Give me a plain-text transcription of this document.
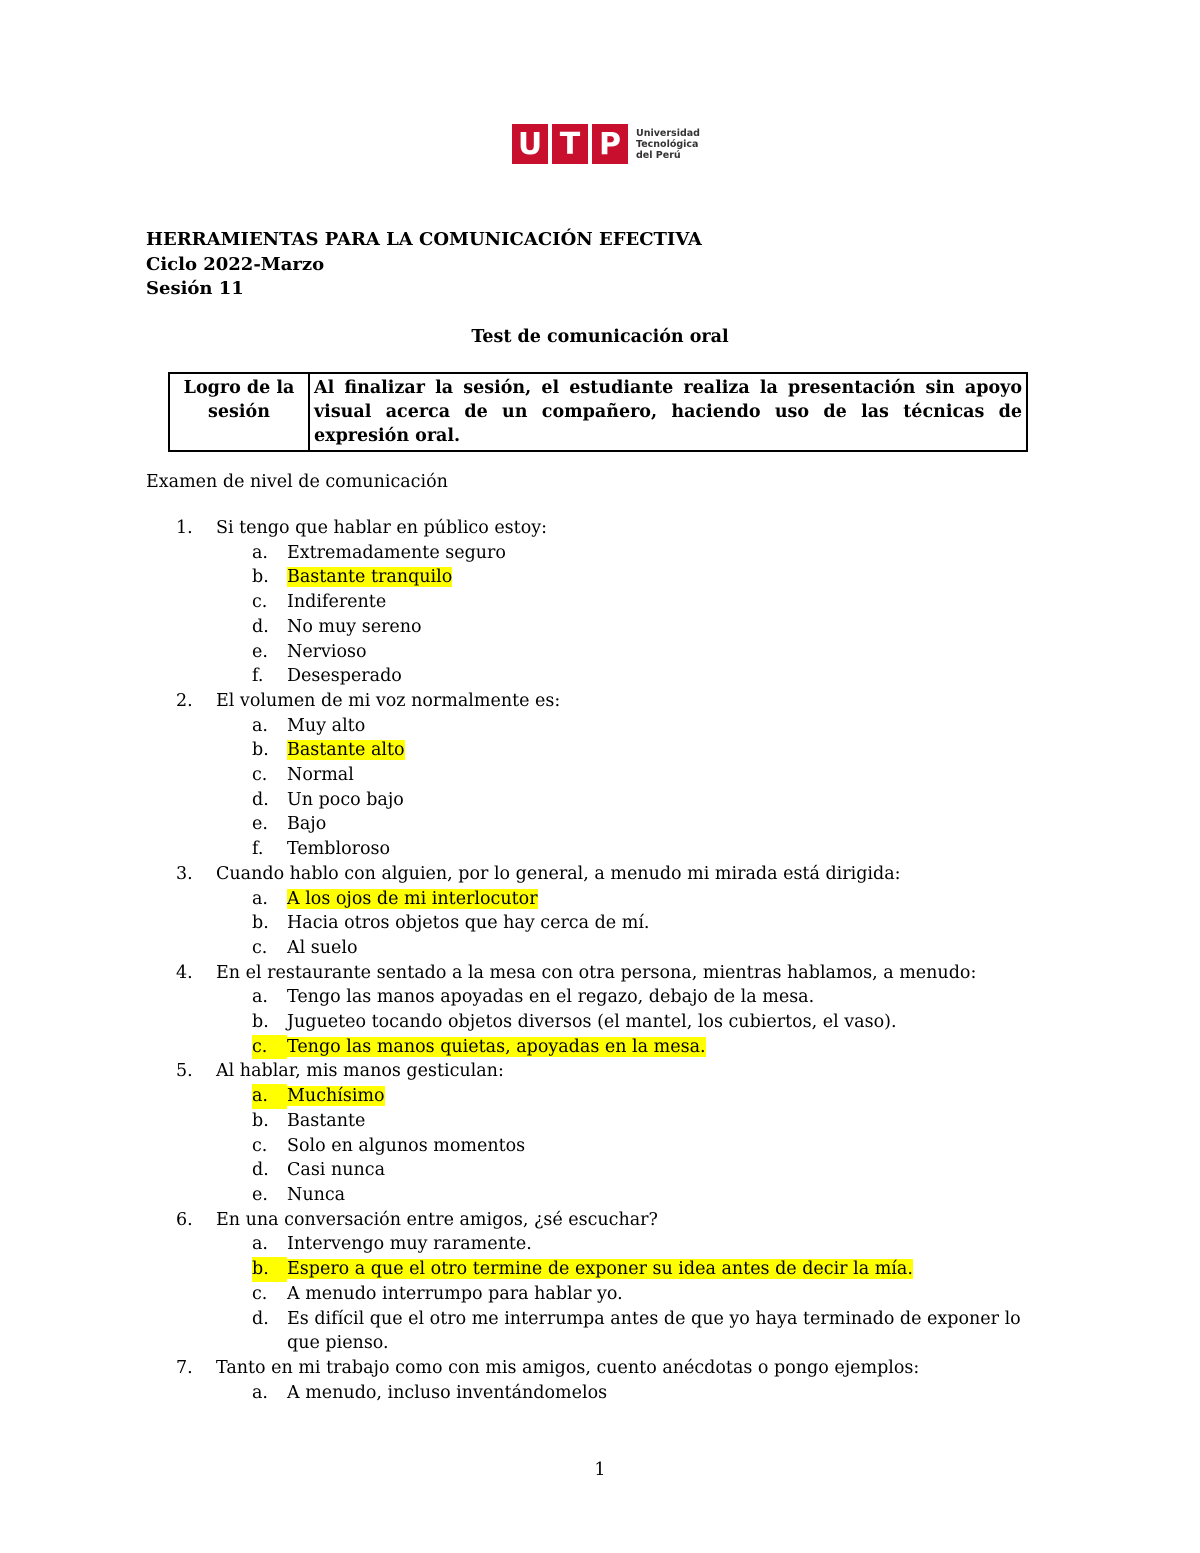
U T P	Universidad
Tecnológica
del Perú
HERRAMIENTAS PARA LA COMUNICACIÓN EFECTIVA
Ciclo 2022-Marzo
Sesión 11
Test de comunicación oral
Logro de la sesión	Al finalizar la sesión, el estudiante realiza la presentación sin apoyo visual acerca de un compañero, haciendo uso de las técnicas de expresión oral.
Examen de nivel de comunicación
1.	Si tengo que hablar en público estoy:
a.	Extremadamente seguro
b.	Bastante tranquilo
c.	Indiferente
d.	No muy sereno
e.	Nervioso
f.	Desesperado
2.	El volumen de mi voz normalmente es:
a.	Muy alto
b.	Bastante alto
c.	Normal
d.	Un poco bajo
e.	Bajo
f.	Tembloroso
3.	Cuando hablo con alguien, por lo general, a menudo mi mirada está dirigida:
a.	A los ojos de mi interlocutor
b.	Hacia otros objetos que hay cerca de mí.
c.	Al suelo
4.	En el restaurante sentado a la mesa con otra persona, mientras hablamos, a menudo:
a.	Tengo las manos apoyadas en el regazo, debajo de la mesa.
b.	Jugueteo tocando objetos diversos (el mantel, los cubiertos, el vaso).
c.	Tengo las manos quietas, apoyadas en la mesa.
5.	Al hablar, mis manos gesticulan:
a.	Muchísimo
b.	Bastante
c.	Solo en algunos momentos
d.	Casi nunca
e.	Nunca
6.	En una conversación entre amigos, ¿sé escuchar?
a.	Intervengo muy raramente.
b.	Espero a que el otro termine de exponer su idea antes de decir la mía.
c.	A menudo interrumpo para hablar yo.
d.	Es difícil que el otro me interrumpa antes de que yo haya terminado de exponer lo que pienso.
7.	Tanto en mi trabajo como con mis amigos, cuento anécdotas o pongo ejemplos:
a.	A menudo, incluso inventándomelos
1
